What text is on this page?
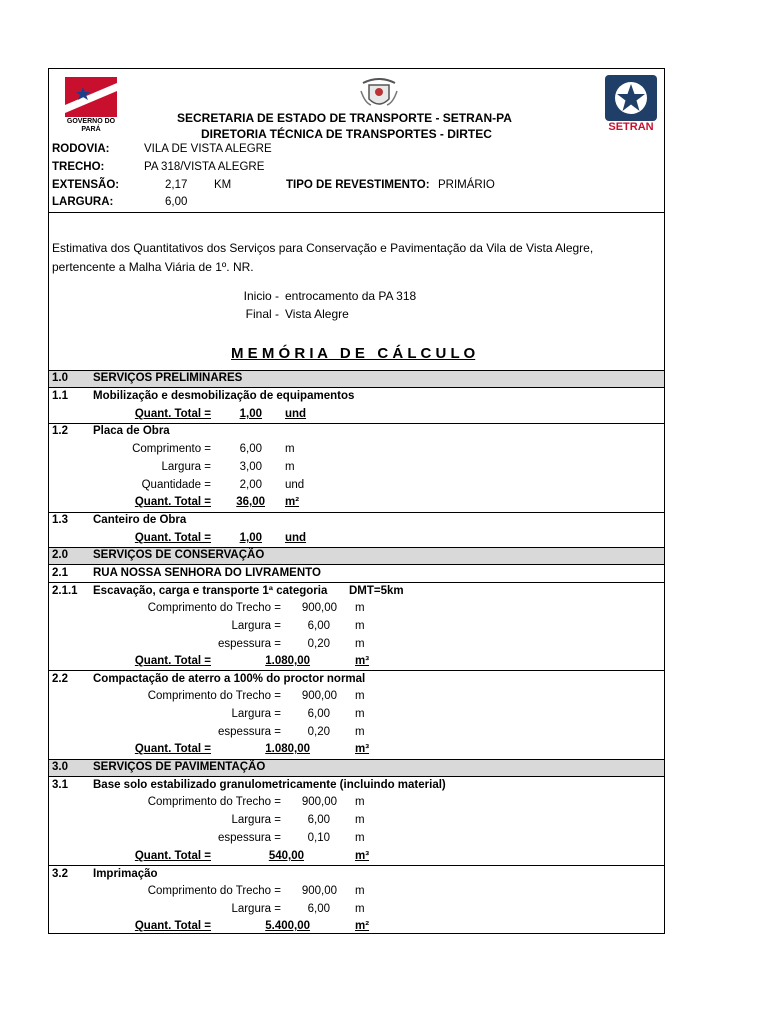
GOVERNO DO PARÁ	SETRAN
SECRETARIA DE ESTADO DE TRANSPORTE - SETRAN-PA
DIRETORIA TÉCNICA DE TRANSPORTES - DIRTEC
RODOVIA:	VILA DE VISTA ALEGRE
TRECHO:	PA 318/VISTA ALEGRE
EXTENSÃO:	2,17 KM	TIPO DE REVESTIMENTO: PRIMÁRIO
LARGURA:	6,00
Estimativa dos Quantitativos dos Serviços para Conservação e Pavimentação da Vila de Vista Alegre,
pertencente a Malha Viária de 1º. NR.
Inicio - entrocamento da PA 318
Final - Vista Alegre
M E M Ó R I A   D E   C Á L C U L O
1.0 SERVIÇOS PRELIMINARES
1.1 Mobilização e desmobilização de equipamentos
Quant. Total =	1,00 und
1.2 Placa de Obra
Comprimento =	6,00 m
Largura =	3,00 m
Quantidade =	2,00 und
Quant. Total =	36,00 m²
1.3 Canteiro de Obra
Quant. Total =	1,00 und
2.0 SERVIÇOS DE CONSERVAÇÃO
2.1 RUA NOSSA SENHORA DO LIVRAMENTO
2.1.1 Escavação, carga e transporte 1ª categoria DMT=5km
Comprimento do Trecho =	900,00 m
Largura =	6,00 m
espessura =	0,20 m
Quant. Total =	1.080,00	m³
2.2 Compactação de aterro a 100% do proctor normal
Comprimento do Trecho =	900,00 m
Largura =	6,00 m
espessura =	0,20 m
Quant. Total =	1.080,00	m³
3.0 SERVIÇOS DE PAVIMENTAÇÃO
3.1 Base solo estabilizado granulometricamente (incluindo material)
Comprimento do Trecho =	900,00 m
Largura =	6,00 m
espessura =	0,10 m
Quant. Total =	540,00	m³
3.2 Imprimação
Comprimento do Trecho =	900,00 m
Largura =	6,00 m
Quant. Total =	5.400,00	m²
